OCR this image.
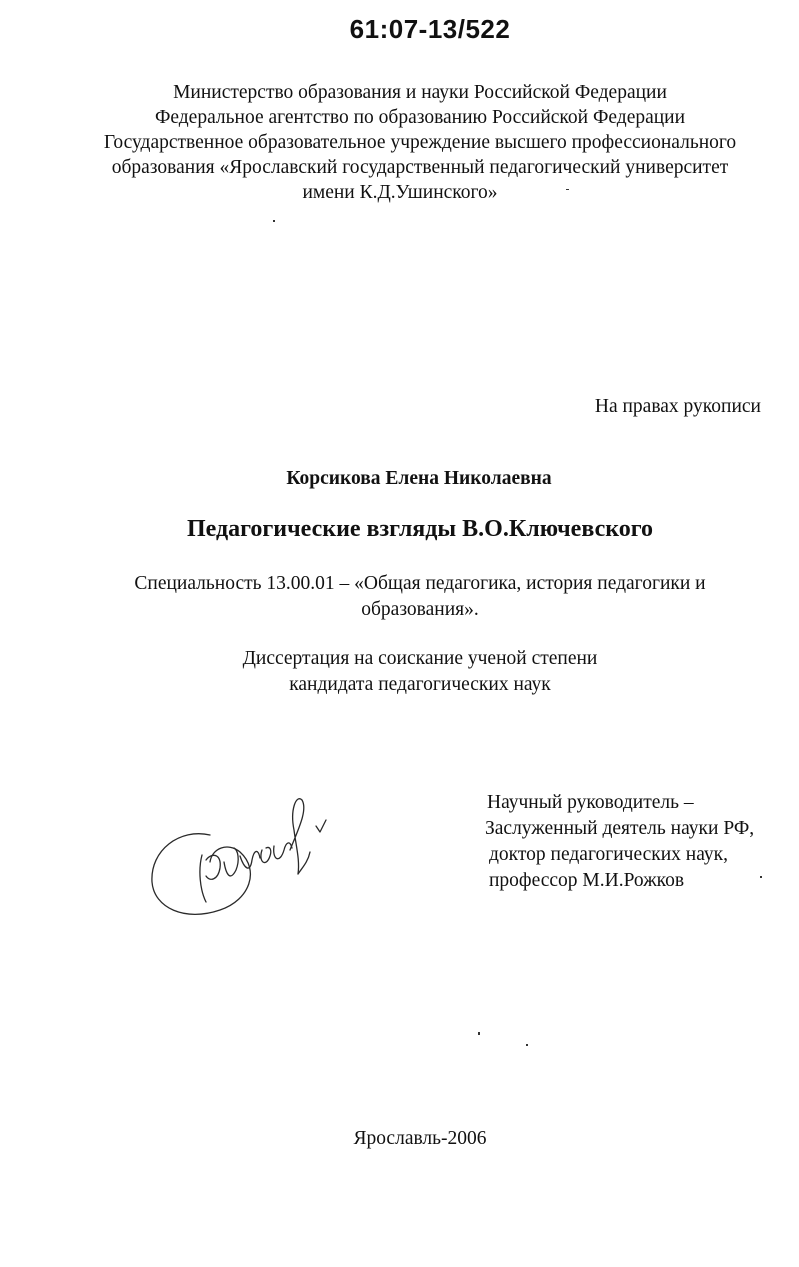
61:07-13/522
Министерство образования и науки Российской Федерации
Федеральное агентство по образованию Российской Федерации
Государственное образовательное учреждение высшего профессионального
образования «Ярославский государственный педагогический университет
имени К.Д.Ушинского»
На правах рукописи
Корсикова Елена Николаевна
Педагогические взгляды В.О.Ключевского
Специальность 13.00.01 – «Общая педагогика, история педагогики и
образования».
Диссертация на соискание ученой степени
кандидата педагогических наук
Научный руководитель –
Заслуженный деятель науки РФ,
доктор педагогических наук,
профессор М.И.Рожков
Ярославль-2006
